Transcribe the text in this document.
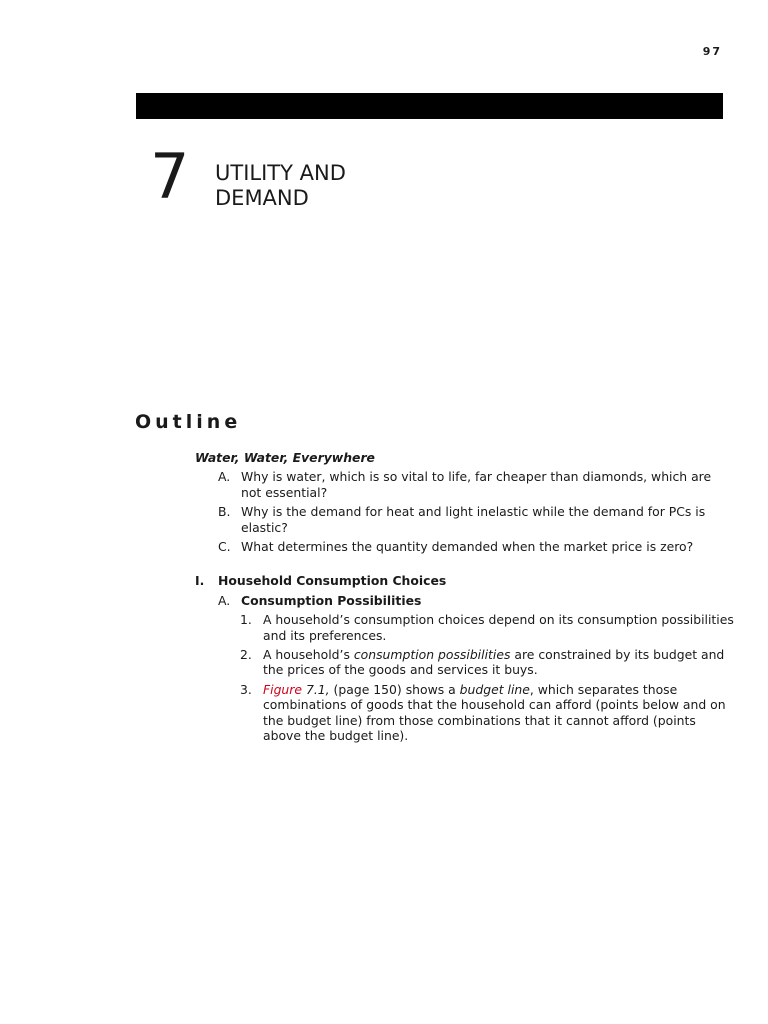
97
7 UTILITY AND
DEMAND
Outline
Water, Water, Everywhere
A. Why is water, which is so vital to life, far cheaper than diamonds, which are not essential?
B. Why is the demand for heat and light inelastic while the demand for PCs is elastic?
C. What determines the quantity demanded when the market price is zero?
I.	Household Consumption Choices
A. Consumption Possibilities
1. A household’s consumption choices depend on its consumption possibilities and its preferences.
2. A household’s consumption possibilities are constrained by its budget and the prices of the goods and services it buys.
3. Figure 7.1, (page 150) shows a budget line, which separates those combinations of goods that the household can afford (points below and on the budget line) from those combinations that it cannot afford (points above the budget line).
